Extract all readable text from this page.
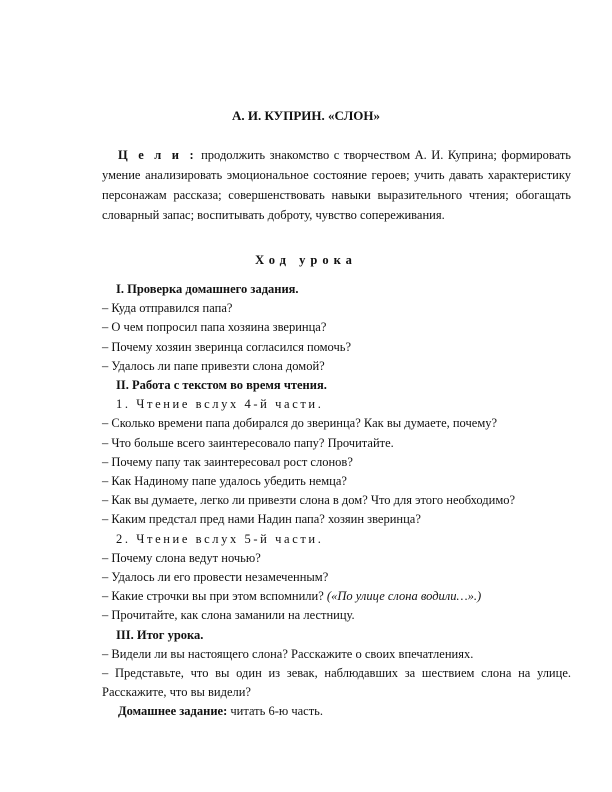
А. И. КУПРИН. «СЛОН»
Ц е л и : продолжить знакомство с творчеством А. И. Куприна; формировать умение анализировать эмоциональное состояние героев; учить давать характеристику персонажам рассказа; совершенствовать навыки выразительного чтения; обогащать словарный запас; воспитывать доброту, чувство сопереживания.
Ход урока
I. Проверка домашнего задания.
– Куда отправился папа?
– О чем попросил папа хозяина зверинца?
– Почему хозяин зверинца согласился помочь?
– Удалось ли папе привезти слона домой?
II. Работа с текстом во время чтения.
1. Чтение вслух 4-й части.
– Сколько времени папа добирался до зверинца? Как вы думаете, почему?
– Что больше всего заинтересовало папу? Прочитайте.
– Почему папу так заинтересовал рост слонов?
– Как Надиному папе удалось убедить немца?
– Как вы думаете, легко ли привезти слона в дом? Что для этого необходимо?
– Каким предстал пред нами Надин папа? хозяин зверинца?
2. Чтение вслух 5-й части.
– Почему слона ведут ночью?
– Удалось ли его провести незамеченным?
– Какие строчки вы при этом вспомнили? («По улице слона водили…».)
– Прочитайте, как слона заманили на лестницу.
III. Итог урока.
– Видели ли вы настоящего слона? Расскажите о своих впечатлениях.
– Представьте, что вы один из зевак, наблюдавших за шествием слона на улице. Расскажите, что вы видели?
Домашнее задание: читать 6-ю часть.
